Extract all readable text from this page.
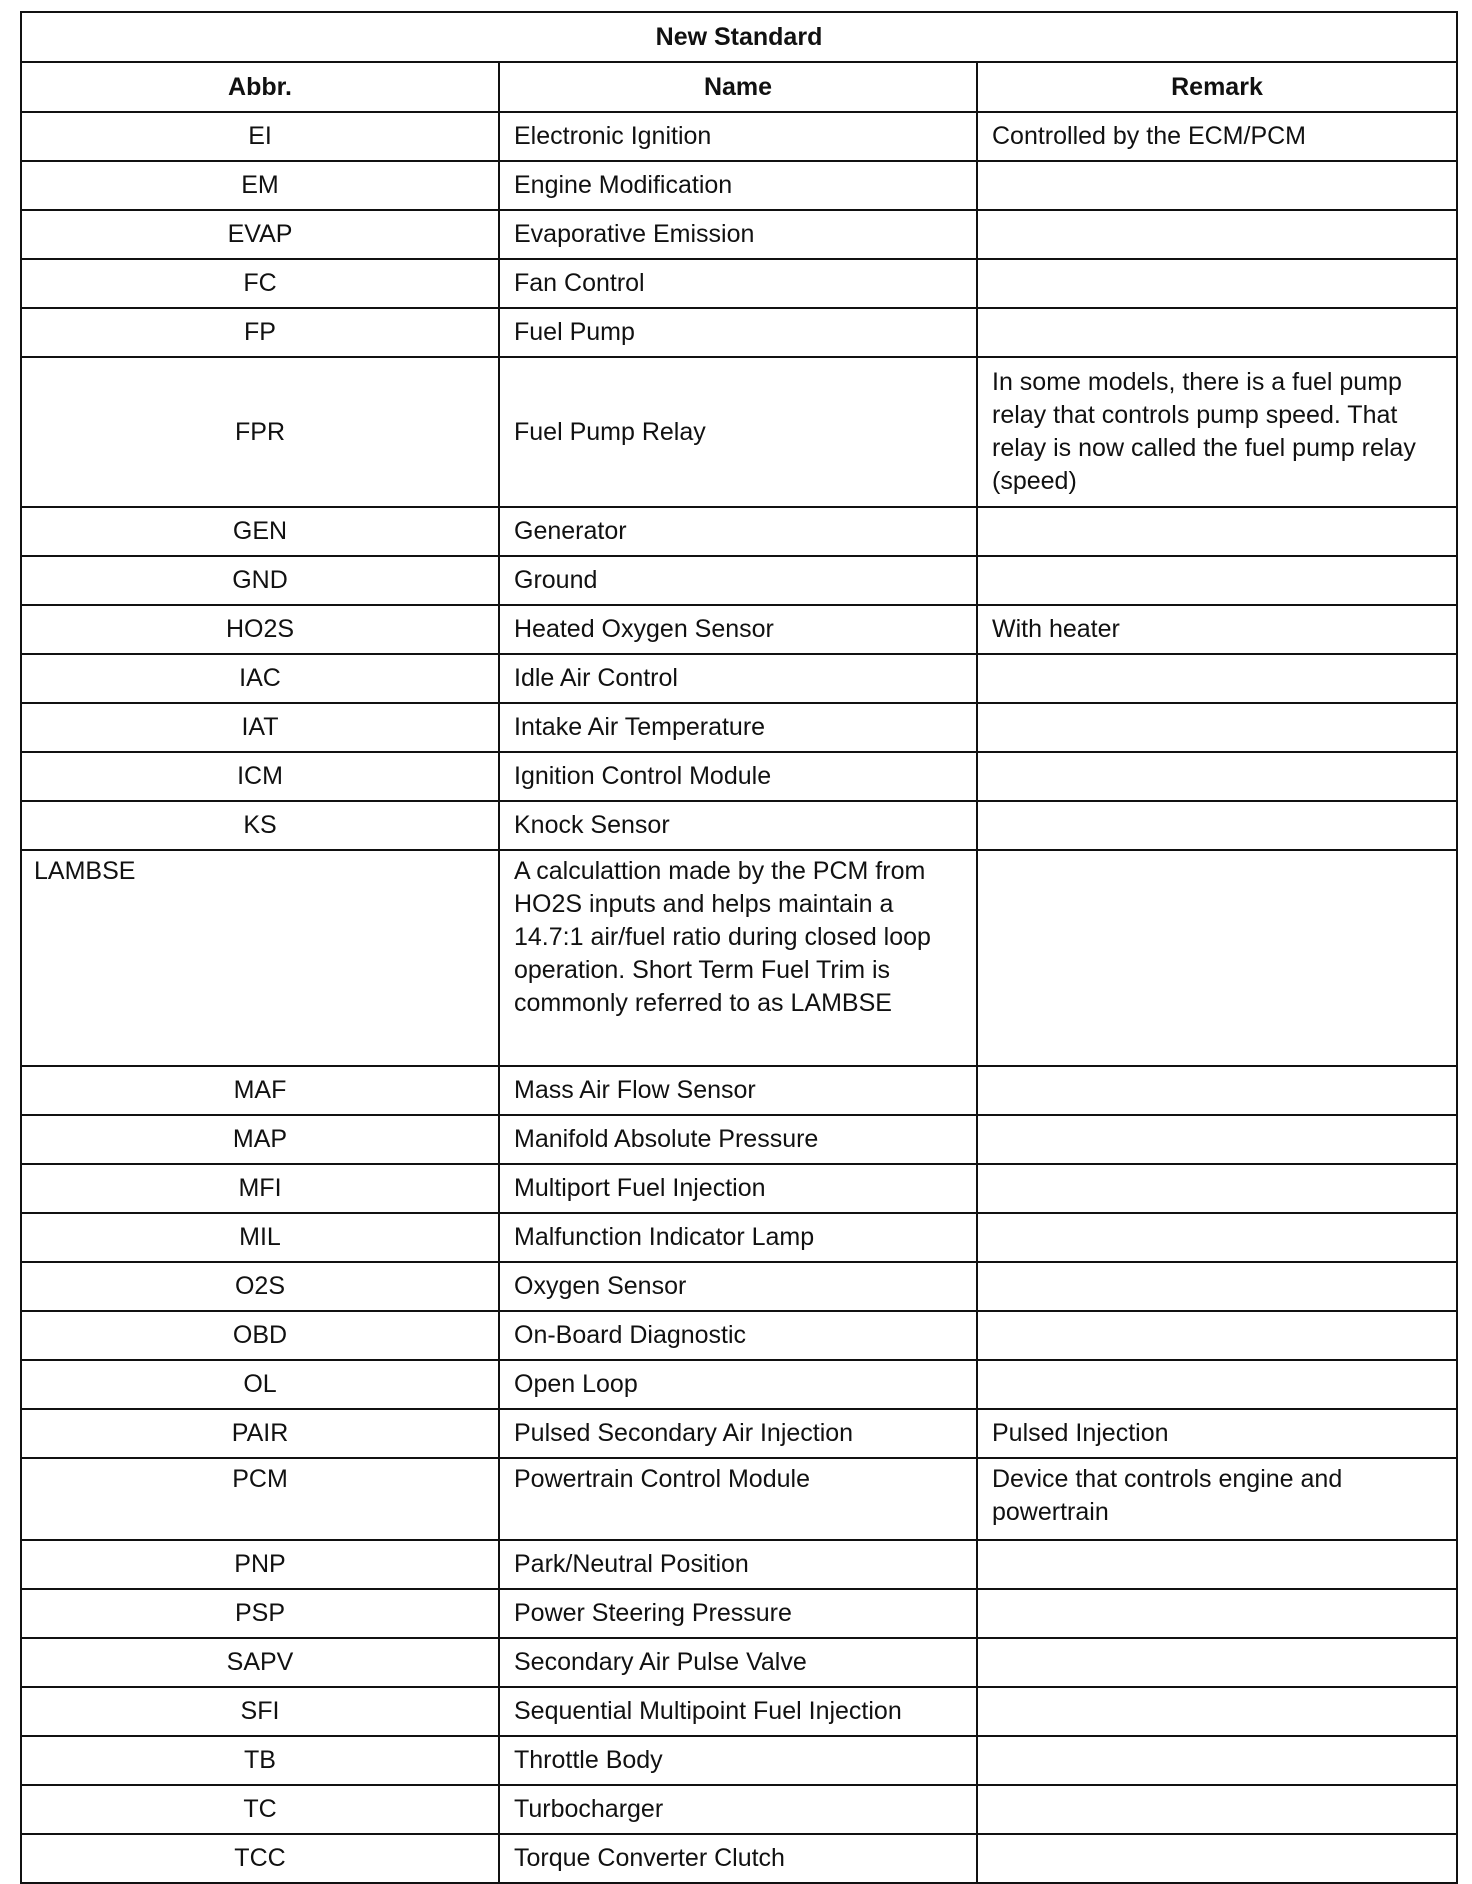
New Standard		
Abbr.	Name	Remark
EI	Electronic Ignition	Controlled by the ECM/PCM
EM	Engine Modification	
EVAP	Evaporative Emission	
FC	Fan Control	
FP	Fuel Pump	
FPR	Fuel Pump Relay	In some models, there is a fuel pump relay that controls pump speed. That relay is now called the fuel pump relay (speed)
GEN	Generator	
GND	Ground	
HO2S	Heated Oxygen Sensor	With heater
IAC	Idle Air Control	
IAT	Intake Air Temperature	
ICM	Ignition Control Module	
KS	Knock Sensor	
LAMBSE	A calculattion made by the PCM from HO2S inputs and helps maintain a 14.7:1 air/fuel ratio during closed loop operation. Short Term Fuel Trim is commonly referred to as LAMBSE	
MAF	Mass Air Flow Sensor	
MAP	Manifold Absolute Pressure	
MFI	Multiport Fuel Injection	
MIL	Malfunction Indicator Lamp	
O2S	Oxygen Sensor	
OBD	On-Board Diagnostic	
OL	Open Loop	
PAIR	Pulsed Secondary Air Injection	Pulsed Injection
PCM	Powertrain Control Module	Device that controls engine and powertrain
PNP	Park/Neutral Position	
PSP	Power Steering Pressure	
SAPV	Secondary Air Pulse Valve	
SFI	Sequential Multipoint Fuel Injection	
TB	Throttle Body	
TC	Turbocharger	
TCC	Torque Converter Clutch	
